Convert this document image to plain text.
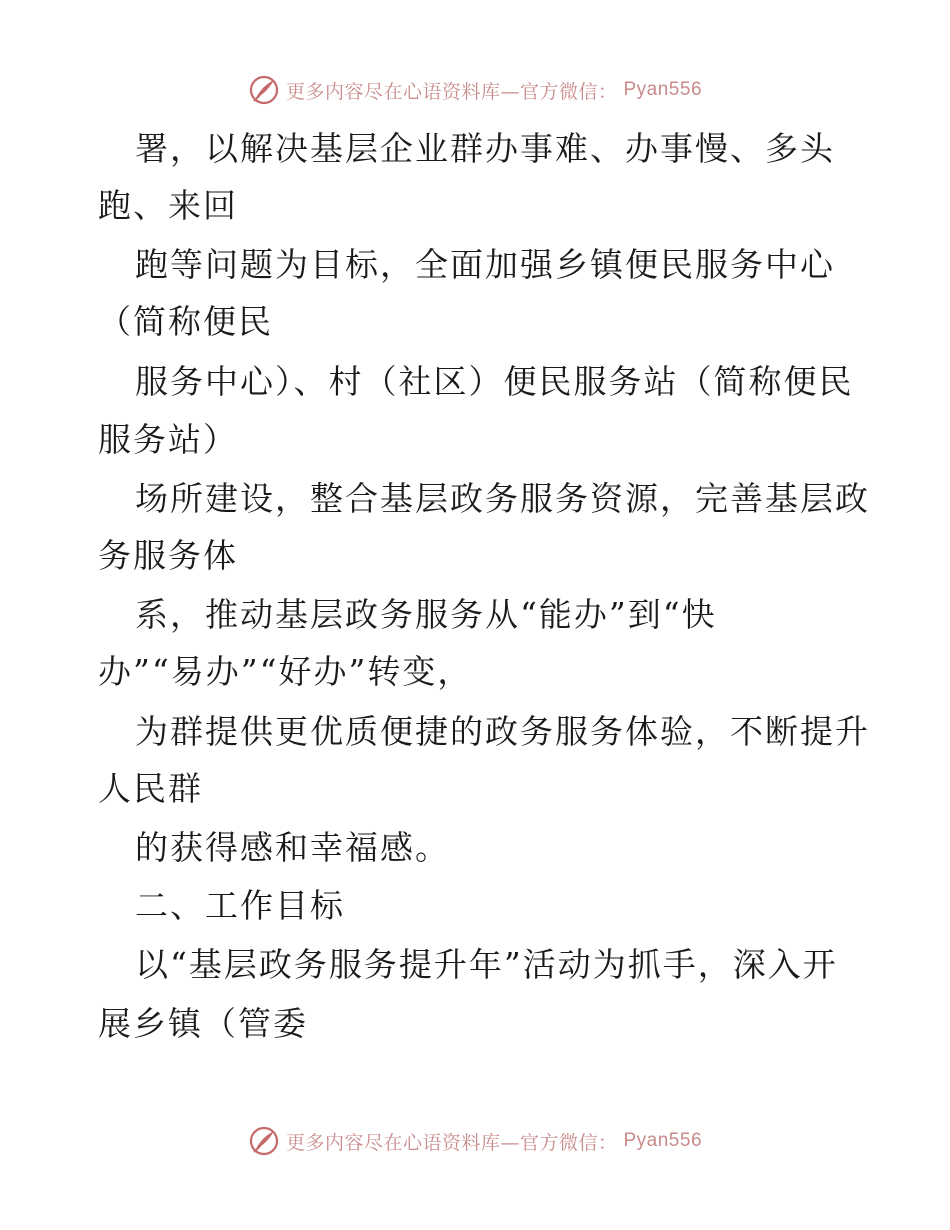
更多内容尽在心语资料库—官方微信： Pyan556
署，以解决基层企业群办事难、办事慢、多头
跑、来回
跑等问题为目标，全面加强乡镇便民服务中心
（简称便民
服务中心）、村（社区）便民服务站（简称便民
服务站）
场所建设，整合基层政务服务资源，完善基层政
务服务体
系，推动基层政务服务从“能办”到“快
办”“易办”“好办”转变，
为群提供更优质便捷的政务服务体验，不断提升
人民群
的获得感和幸福感。
二、工作目标
以“基层政务服务提升年”活动为抓手，深入开
展乡镇（管委
更多内容尽在心语资料库—官方微信： Pyan556
